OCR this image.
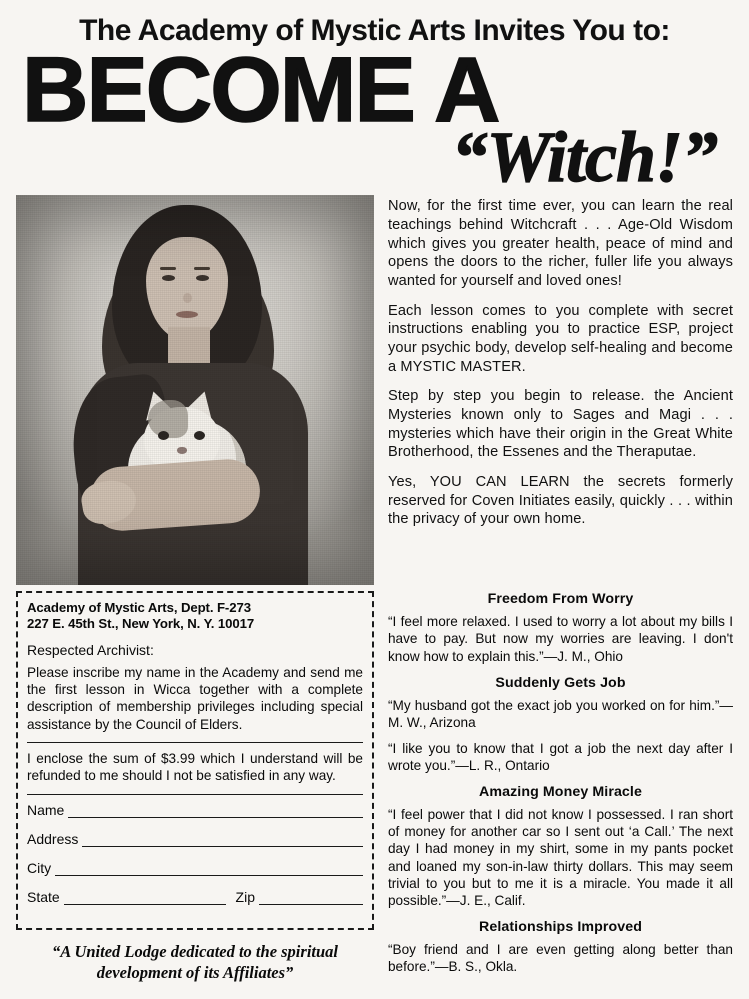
The Academy of Mystic Arts Invites You to:
BECOME A
“Witch!”

Now, for the first time ever, you can learn the real teachings behind Witchcraft . . . Age-Old Wisdom which gives you greater health, peace of mind and opens the doors to the richer, fuller life you always wanted for yourself and loved ones!

Each lesson comes to you complete with secret instructions enabling you to practice ESP, project your psychic body, develop self-healing and become a MYSTIC MASTER.

Step by step you begin to release. the Ancient Mysteries known only to Sages and Magi . . . mysteries which have their origin in the Great White Brotherhood, the Essenes and the Theraputae.

Yes, YOU CAN LEARN the secrets formerly reserved for Coven Initiates easily, quickly . . . within the privacy of your own home.

Academy of Mystic Arts, Dept. F-273
227 E. 45th St., New York, N. Y. 10017
Respected Archivist:

Please inscribe my name in the Academy and send me the first lesson in Wicca together with a complete description of membership privileges including special assistance by the Council of Elders.

I enclose the sum of $3.99 which I understand will be refunded to me should I not be satisfied in any way.

Name
Address
City
State	Zip
“A United Lodge dedicated to the spiritual development of its Affiliates”
Freedom From Worry

“I feel more relaxed. I used to worry a lot about my bills I have to pay. But now my worries are leaving. I don't know how to explain this.”—J. M., Ohio

Suddenly Gets Job

“My husband got the exact job you worked on for him.”—M. W., Arizona

“I like you to know that I got a job the next day after I wrote you.”—L. R., Ontario

Amazing Money Miracle

“I feel power that I did not know I possessed. I ran short of money for another car so I sent out ‘a Call.’ The next day I had money in my shirt, some in my pants pocket and loaned my son-in-law thirty dollars. This may seem trivial to you but to me it is a miracle. You made it all possible.”—J. E., Calif.

Relationships Improved

“Boy friend and I are even getting along better than before.”—B. S., Okla.
